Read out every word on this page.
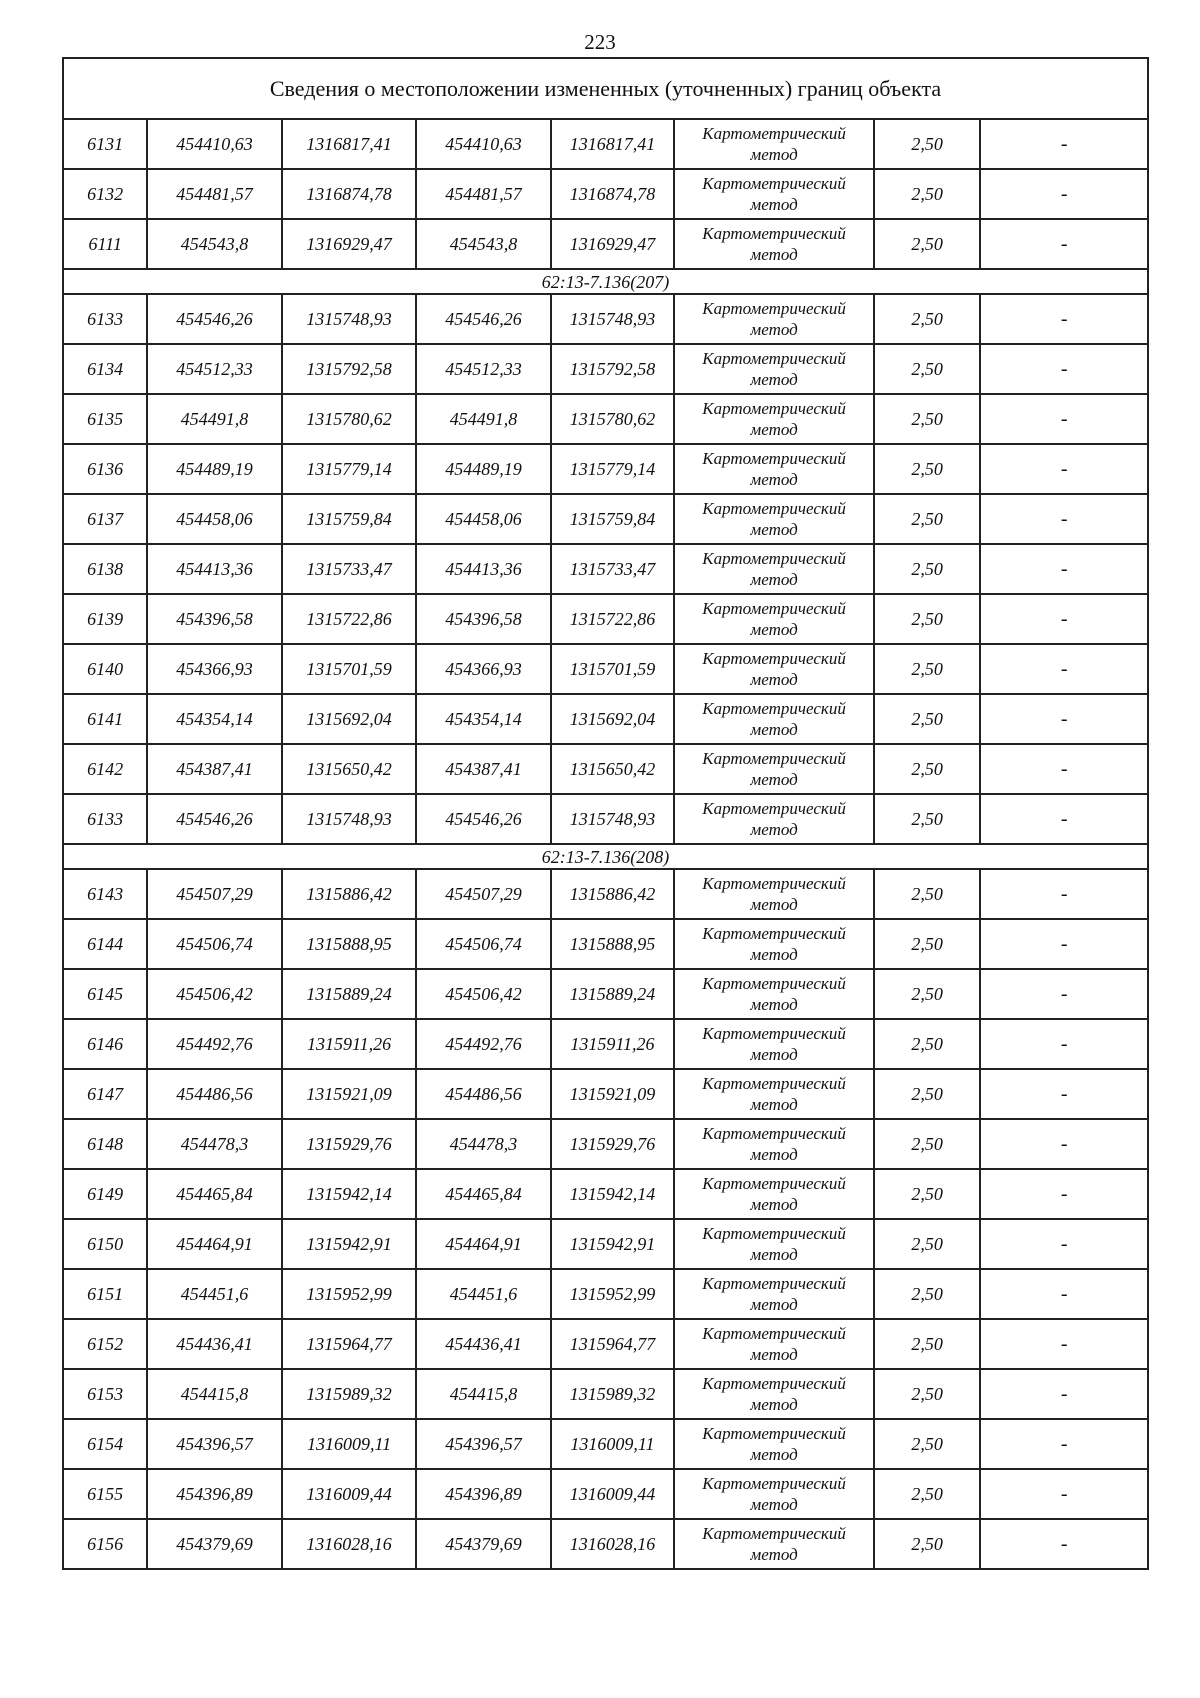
223
Сведения о местоположении измененных (уточненных) границ объекта							
6131	454410,63	1316817,41	454410,63	1316817,41	Картометрический
метод	2,50	-
6132	454481,57	1316874,78	454481,57	1316874,78	Картометрический
метод	2,50	-
6111	454543,8	1316929,47	454543,8	1316929,47	Картометрический
метод	2,50	-
62:13-7.136(207)							
6133	454546,26	1315748,93	454546,26	1315748,93	Картометрический
метод	2,50	-
6134	454512,33	1315792,58	454512,33	1315792,58	Картометрический
метод	2,50	-
6135	454491,8	1315780,62	454491,8	1315780,62	Картометрический
метод	2,50	-
6136	454489,19	1315779,14	454489,19	1315779,14	Картометрический
метод	2,50	-
6137	454458,06	1315759,84	454458,06	1315759,84	Картометрический
метод	2,50	-
6138	454413,36	1315733,47	454413,36	1315733,47	Картометрический
метод	2,50	-
6139	454396,58	1315722,86	454396,58	1315722,86	Картометрический
метод	2,50	-
6140	454366,93	1315701,59	454366,93	1315701,59	Картометрический
метод	2,50	-
6141	454354,14	1315692,04	454354,14	1315692,04	Картометрический
метод	2,50	-
6142	454387,41	1315650,42	454387,41	1315650,42	Картометрический
метод	2,50	-
6133	454546,26	1315748,93	454546,26	1315748,93	Картометрический
метод	2,50	-
62:13-7.136(208)							
6143	454507,29	1315886,42	454507,29	1315886,42	Картометрический
метод	2,50	-
6144	454506,74	1315888,95	454506,74	1315888,95	Картометрический
метод	2,50	-
6145	454506,42	1315889,24	454506,42	1315889,24	Картометрический
метод	2,50	-
6146	454492,76	1315911,26	454492,76	1315911,26	Картометрический
метод	2,50	-
6147	454486,56	1315921,09	454486,56	1315921,09	Картометрический
метод	2,50	-
6148	454478,3	1315929,76	454478,3	1315929,76	Картометрический
метод	2,50	-
6149	454465,84	1315942,14	454465,84	1315942,14	Картометрический
метод	2,50	-
6150	454464,91	1315942,91	454464,91	1315942,91	Картометрический
метод	2,50	-
6151	454451,6	1315952,99	454451,6	1315952,99	Картометрический
метод	2,50	-
6152	454436,41	1315964,77	454436,41	1315964,77	Картометрический
метод	2,50	-
6153	454415,8	1315989,32	454415,8	1315989,32	Картометрический
метод	2,50	-
6154	454396,57	1316009,11	454396,57	1316009,11	Картометрический
метод	2,50	-
6155	454396,89	1316009,44	454396,89	1316009,44	Картометрический
метод	2,50	-
6156	454379,69	1316028,16	454379,69	1316028,16	Картометрический
метод	2,50	-
